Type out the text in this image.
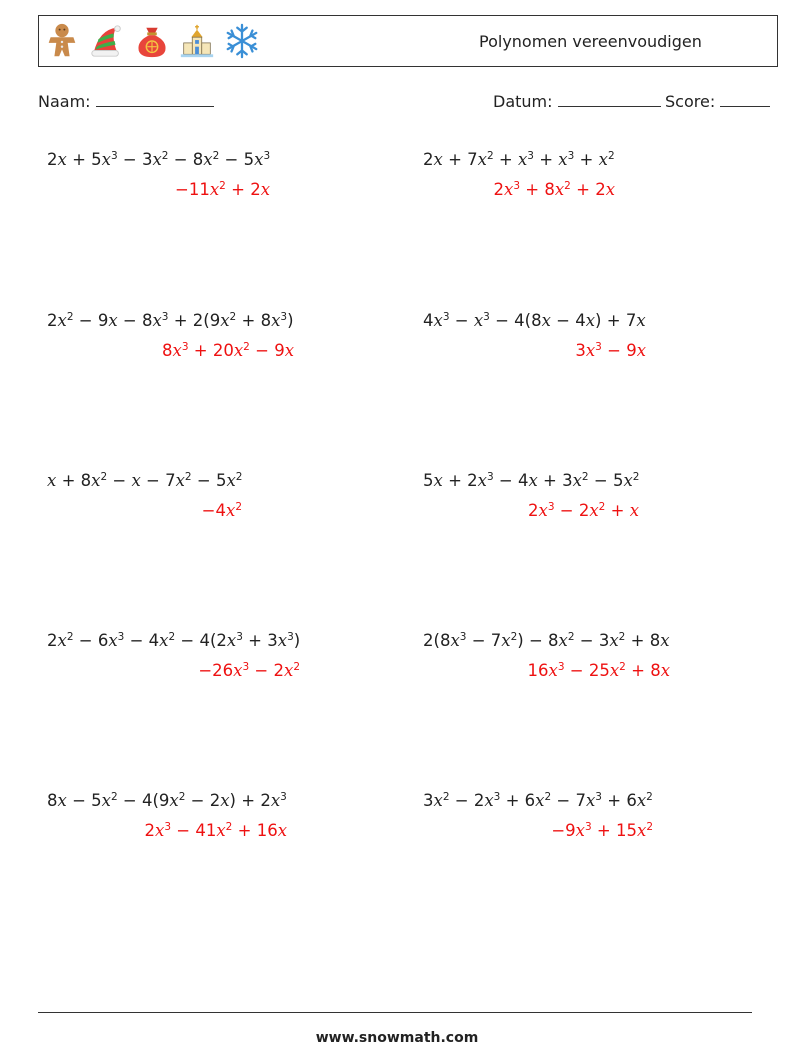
Polynomen vereenvoudigen
Naam:	Datum:	Score:
$2x + 5x^3 - 3x^2 - 8x^2 - 5x^3$
$-11x^2 + 2x$
$2x + 7x^2 + x^3 + x^3 + x^2$
$2x^3 + 8x^2 + 2x$
$2x^2 - 9x - 8x^3 + 2(9x^2 + 8x^3)$
$8x^3 + 20x^2 - 9x$
$4x^3 - x^3 - 4(8x - 4x) + 7x$
$3x^3 - 9x$
$x + 8x^2 - x - 7x^2 - 5x^2$
$-4x^2$
$5x + 2x^3 - 4x + 3x^2 - 5x^2$
$2x^3 - 2x^2 + x$
$2x^2 - 6x^3 - 4x^2 - 4(2x^3 + 3x^3)$
$-26x^3 - 2x^2$
$2(8x^3 - 7x^2) - 8x^2 - 3x^2 + 8x$
$16x^3 - 25x^2 + 8x$
$8x - 5x^2 - 4(9x^2 - 2x) + 2x^3$
$2x^3 - 41x^2 + 16x$
$3x^2 - 2x^3 + 6x^2 - 7x^3 + 6x^2$
$-9x^3 + 15x^2$
www.snowmath.com
